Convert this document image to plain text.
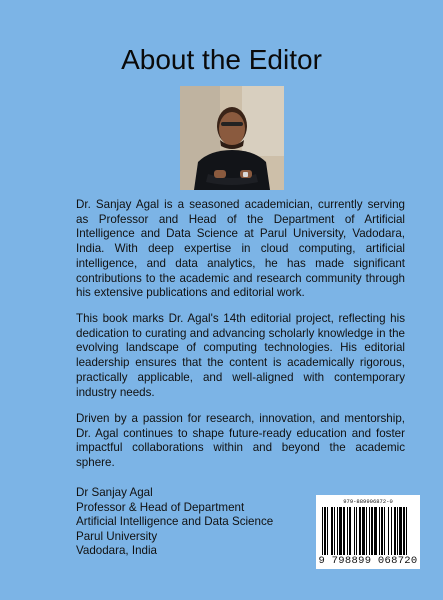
About the Editor

Dr. Sanjay Agal is a seasoned academician, currently serving as Professor and Head of the Department of Artificial Intelligence and Data Science at Parul University, Vadodara, India. With deep expertise in cloud computing, artificial intelligence, and data analytics, he has made significant contributions to the academic and research community through his extensive publications and editorial work.

This book marks Dr. Agal's 14th editorial project, reflecting his dedication to curating and advancing scholarly knowledge in the evolving landscape of computing technologies. His editorial leadership ensures that the content is academically rigorous, practically applicable, and well-aligned with contemporary industry needs.

Driven by a passion for research, innovation, and mentorship, Dr. Agal continues to shape future-ready education and foster impactful collaborations within and beyond the academic sphere.

Dr Sanjay Agal
Professor & Head of Department
Artificial Intelligence and Data Science
Parul University
Vadodara, India
979-889906872-0
9 798899 068720
